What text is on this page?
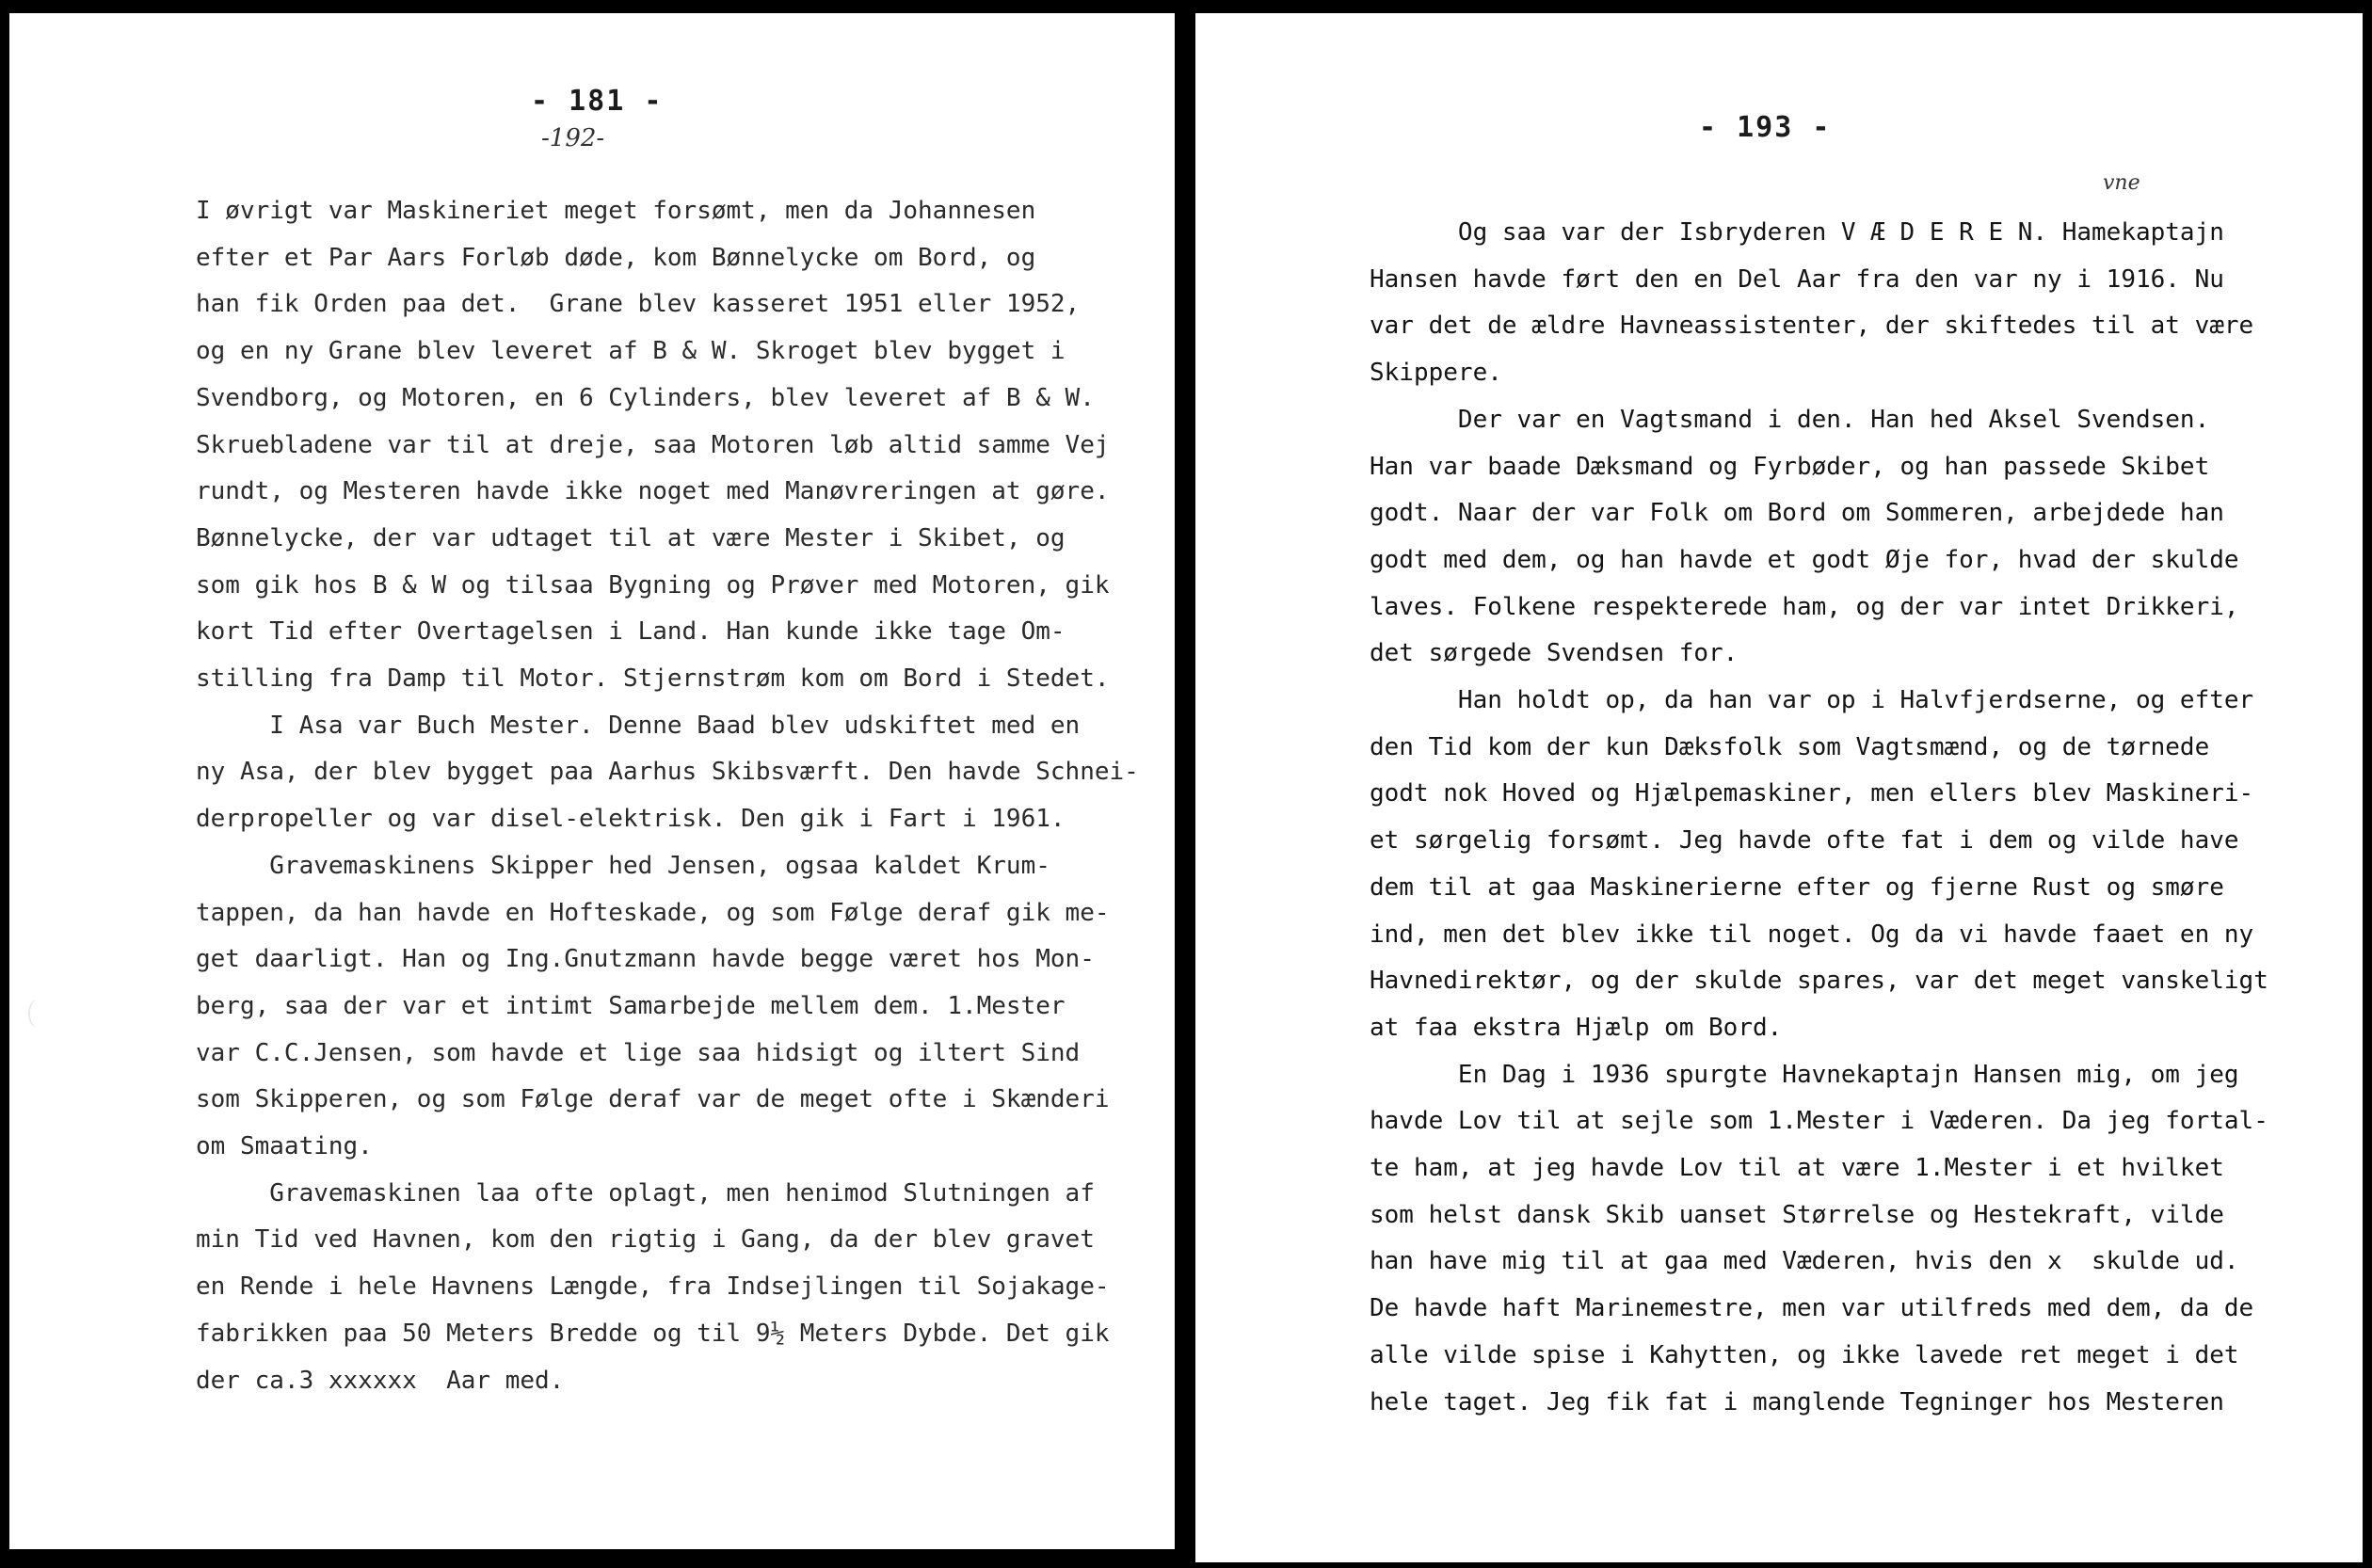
- 181 -
-192-
I øvrigt var Maskineriet meget forsømt, men da Johannesen
efter et Par Aars Forløb døde, kom Bønnelycke om Bord, og
han fik Orden paa det.  Grane blev kasseret 1951 eller 1952,
og en ny Grane blev leveret af B & W. Skroget blev bygget i
Svendborg, og Motoren, en 6 Cylinders, blev leveret af B & W.
Skruebladene var til at dreje, saa Motoren løb altid samme Vej
rundt, og Mesteren havde ikke noget med Manøvreringen at gøre.
Bønnelycke, der var udtaget til at være Mester i Skibet, og
som gik hos B & W og tilsaa Bygning og Prøver med Motoren, gik
kort Tid efter Overtagelsen i Land. Han kunde ikke tage Om-
stilling fra Damp til Motor. Stjernstrøm kom om Bord i Stedet.
I Asa var Buch Mester. Denne Baad blev udskiftet med en
ny Asa, der blev bygget paa Aarhus Skibsværft. Den havde Schnei-
derpropeller og var disel-elektrisk. Den gik i Fart i 1961.
Gravemaskinens Skipper hed Jensen, ogsaa kaldet Krum-
tappen, da han havde en Hofteskade, og som Følge deraf gik me-
get daarligt. Han og Ing.Gnutzmann havde begge været hos Mon-
berg, saa der var et intimt Samarbejde mellem dem. 1.Mester
var C.C.Jensen, som havde et lige saa hidsigt og iltert Sind
som Skipperen, og som Følge deraf var de meget ofte i Skænderi
om Smaating.
Gravemaskinen laa ofte oplagt, men henimod Slutningen af
min Tid ved Havnen, kom den rigtig i Gang, da der blev gravet
en Rende i hele Havnens Længde, fra Indsejlingen til Sojakage-
fabrikken paa 50 Meters Bredde og til 9½ Meters Dybde. Det gik
der ca.3 xxxxxx  Aar med.
- 193 -
vne
Og saa var der Isbryderen V Æ D E R E N. Hamekaptajn
Hansen havde ført den en Del Aar fra den var ny i 1916. Nu
var det de ældre Havneassistenter, der skiftedes til at være
Skippere.
Der var en Vagtsmand i den. Han hed Aksel Svendsen.
Han var baade Dæksmand og Fyrbøder, og han passede Skibet
godt. Naar der var Folk om Bord om Sommeren, arbejdede han
godt med dem, og han havde et godt Øje for, hvad der skulde
laves. Folkene respekterede ham, og der var intet Drikkeri,
det sørgede Svendsen for.
Han holdt op, da han var op i Halvfjerdserne, og efter
den Tid kom der kun Dæksfolk som Vagtsmænd, og de tørnede
godt nok Hoved og Hjælpemaskiner, men ellers blev Maskineri-
et sørgelig forsømt. Jeg havde ofte fat i dem og vilde have
dem til at gaa Maskinerierne efter og fjerne Rust og smøre
ind, men det blev ikke til noget. Og da vi havde faaet en ny
Havnedirektør, og der skulde spares, var det meget vanskeligt
at faa ekstra Hjælp om Bord.
En Dag i 1936 spurgte Havnekaptajn Hansen mig, om jeg
havde Lov til at sejle som 1.Mester i Væderen. Da jeg fortal-
te ham, at jeg havde Lov til at være 1.Mester i et hvilket
som helst dansk Skib uanset Størrelse og Hestekraft, vilde
han have mig til at gaa med Væderen, hvis den x  skulde ud.
De havde haft Marinemestre, men var utilfreds med dem, da de
alle vilde spise i Kahytten, og ikke lavede ret meget i det
hele taget. Jeg fik fat i manglende Tegninger hos Mesteren
